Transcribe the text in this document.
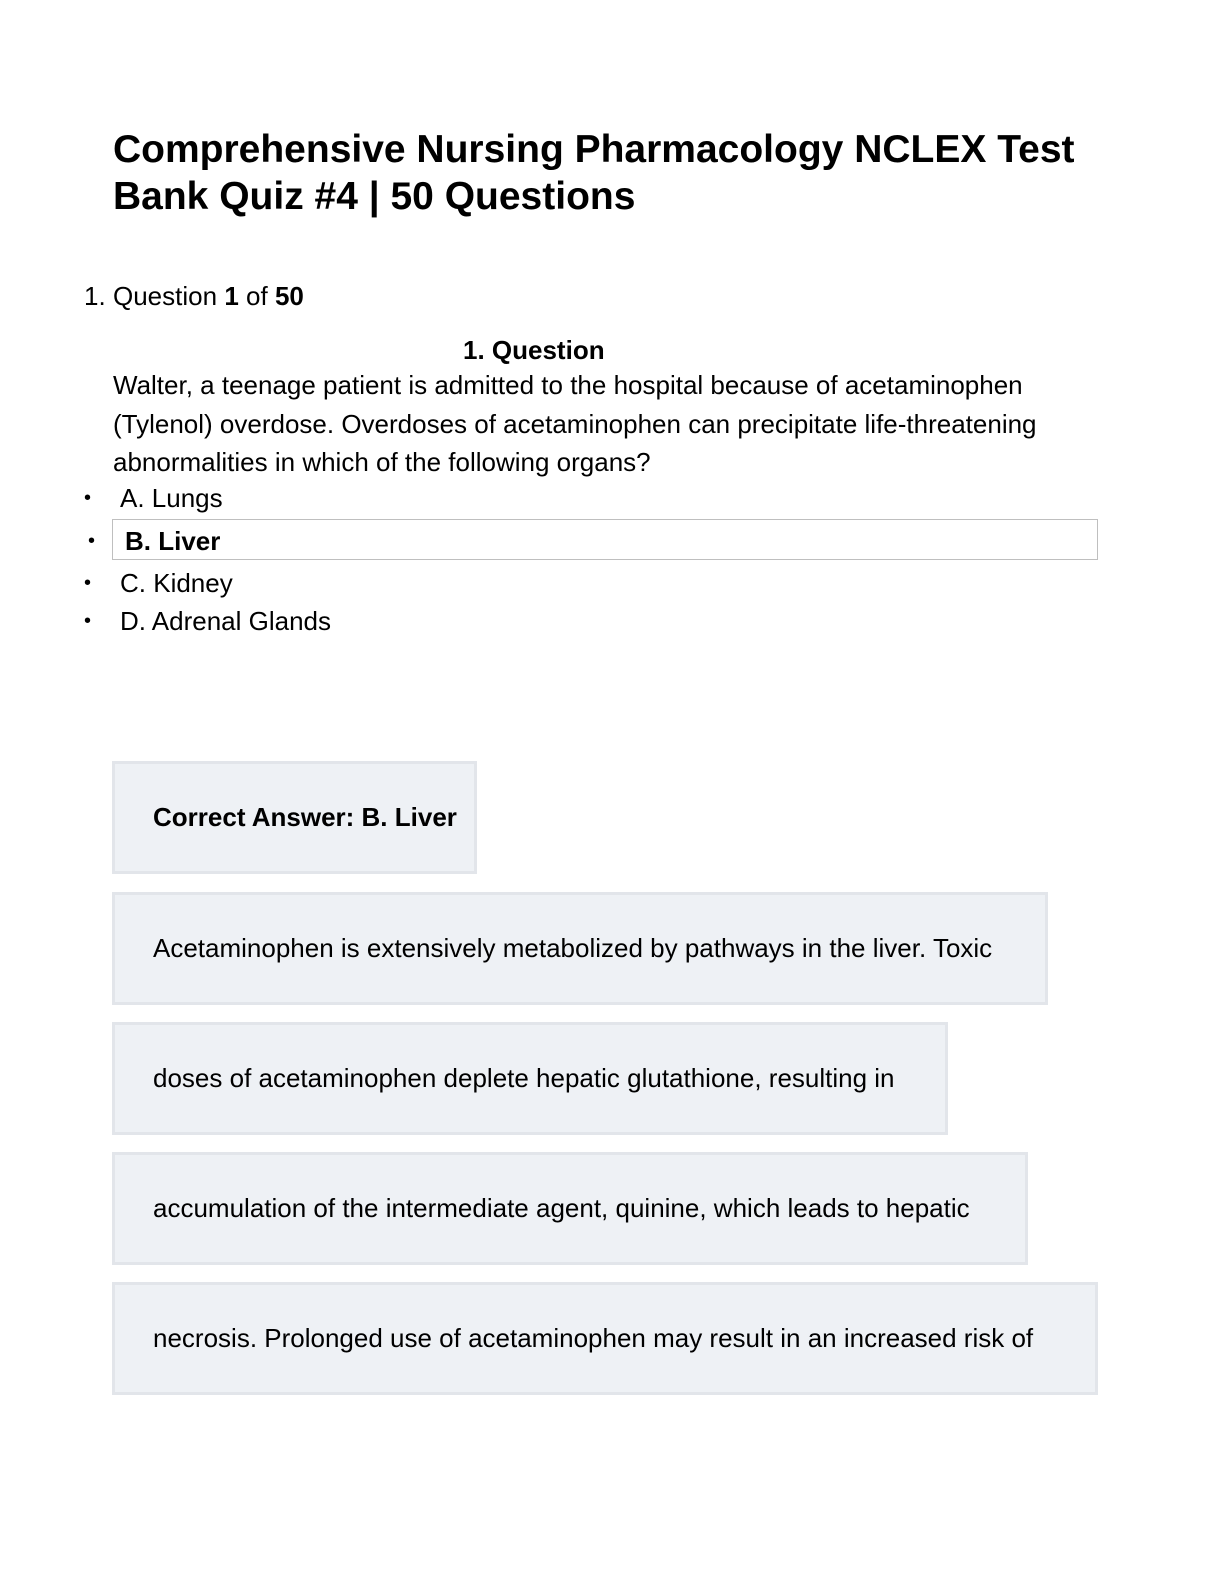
Comprehensive Nursing Pharmacology NCLEX Test Bank Quiz #4 | 50 Questions
1. Question 1 of 50
1. Question

Walter, a teenage patient is admitted to the hospital because of acetaminophen (Tylenol) overdose. Overdoses of acetaminophen can precipitate life-threatening abnormalities in which of the following organs?

• A. Lungs
• B. Liver
• C. Kidney
• D. Adrenal Glands
Correct Answer: B. Liver
Acetaminophen is extensively metabolized by pathways in the liver. Toxic
doses of acetaminophen deplete hepatic glutathione, resulting in
accumulation of the intermediate agent, quinine, which leads to hepatic
necrosis. Prolonged use of acetaminophen may result in an increased risk of
